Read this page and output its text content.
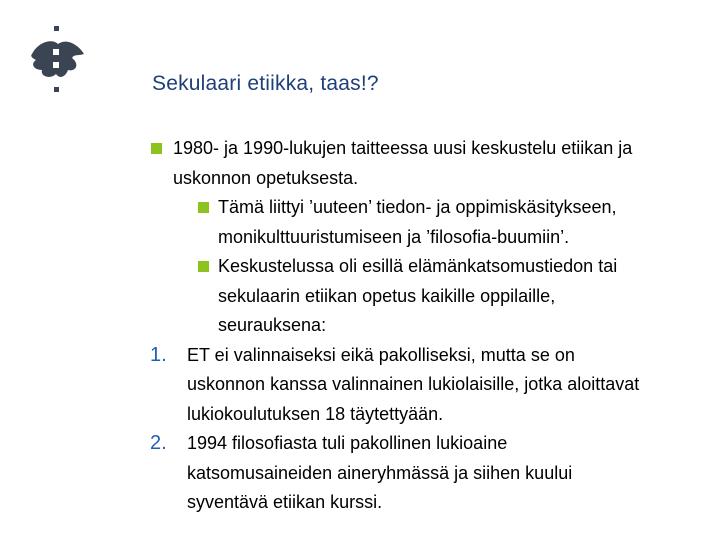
Sekulaari etiikka, taas!?
1980- ja 1990-lukujen taitteessa uusi keskustelu etiikan ja
uskonnon opetuksesta.
Tämä liittyi ’uuteen’ tiedon- ja oppimiskäsitykseen,
monikulttuuristumiseen ja ’filosofia-buumiin’.
Keskustelussa oli esillä elämänkatsomustiedon tai
sekulaarin etiikan opetus kaikille oppilaille,
seurauksena:
1. ET ei valinnaiseksi eikä pakolliseksi, mutta se on
uskonnon kanssa valinnainen lukiolaisille, jotka aloittavat
lukiokoulutuksen 18 täytettyään.
2. 1994 filosofiasta tuli pakollinen lukioaine
katsomusaineiden aineryhmässä ja siihen kuului
syventävä etiikan kurssi.
